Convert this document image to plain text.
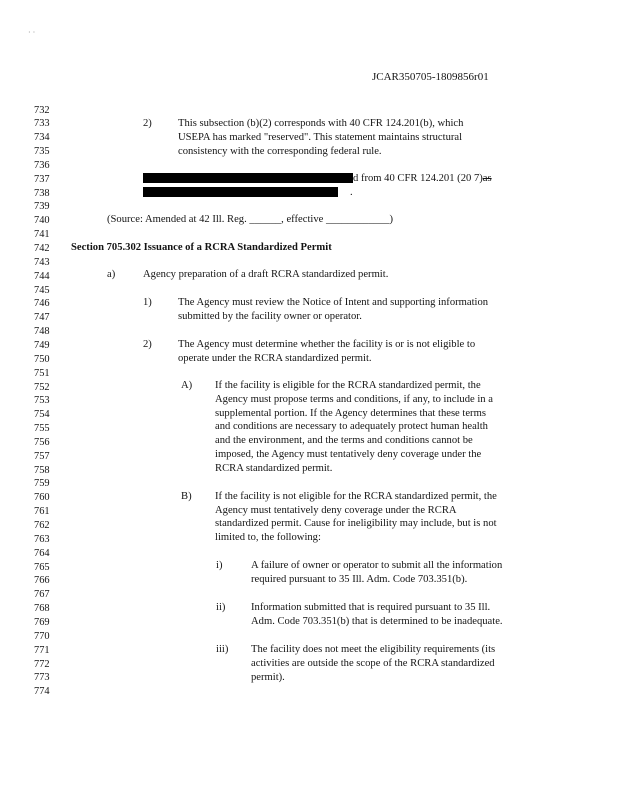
· ·
JCAR350705-1809856r01
732
733
734
735
736
737
738
739
740
741
742
743
744
745
746
747
748
749
750
751
752
753
754
755
756
757
758
759
760
761
762
763
764
765
766
767
768
769
770
771
772
773
774
2) This subsection (b)(2) corresponds with 40 CFR 124.201(b), which
USEPA has marked "reserved". This statement maintains structural
consistency with the corresponding federal rule.
d from 40 CFR 124.201 (20 7)as
.
(Source: Amended at 42 Ill. Reg. ______, effective ____________)
Section 705.302 Issuance of a RCRA Standardized Permit
a)	Agency preparation of a draft RCRA standardized permit.
1) The Agency must review the Notice of Intent and supporting information
submitted by the facility owner or operator.
2) The Agency must determine whether the facility is or is not eligible to
operate under the RCRA standardized permit.
A) If the facility is eligible for the RCRA standardized permit, the
Agency must propose terms and conditions, if any, to include in a
supplemental portion. If the Agency determines that these terms
and conditions are necessary to adequately protect human health
and the environment, and the terms and conditions cannot be
imposed, the Agency must tentatively deny coverage under the
RCRA standardized permit.
B) If the facility is not eligible for the RCRA standardized permit, the
Agency must tentatively deny coverage under the RCRA
standardized permit. Cause for ineligibility may include, but is not
limited to, the following:
i)	A failure of owner or operator to submit all the information
required pursuant to 35 Ill. Adm. Code 703.351(b).
ii) Information submitted that is required pursuant to 35 Ill.
Adm. Code 703.351(b) that is determined to be inadequate.
iii) The facility does not meet the eligibility requirements (its
activities are outside the scope of the RCRA standardized
permit).
